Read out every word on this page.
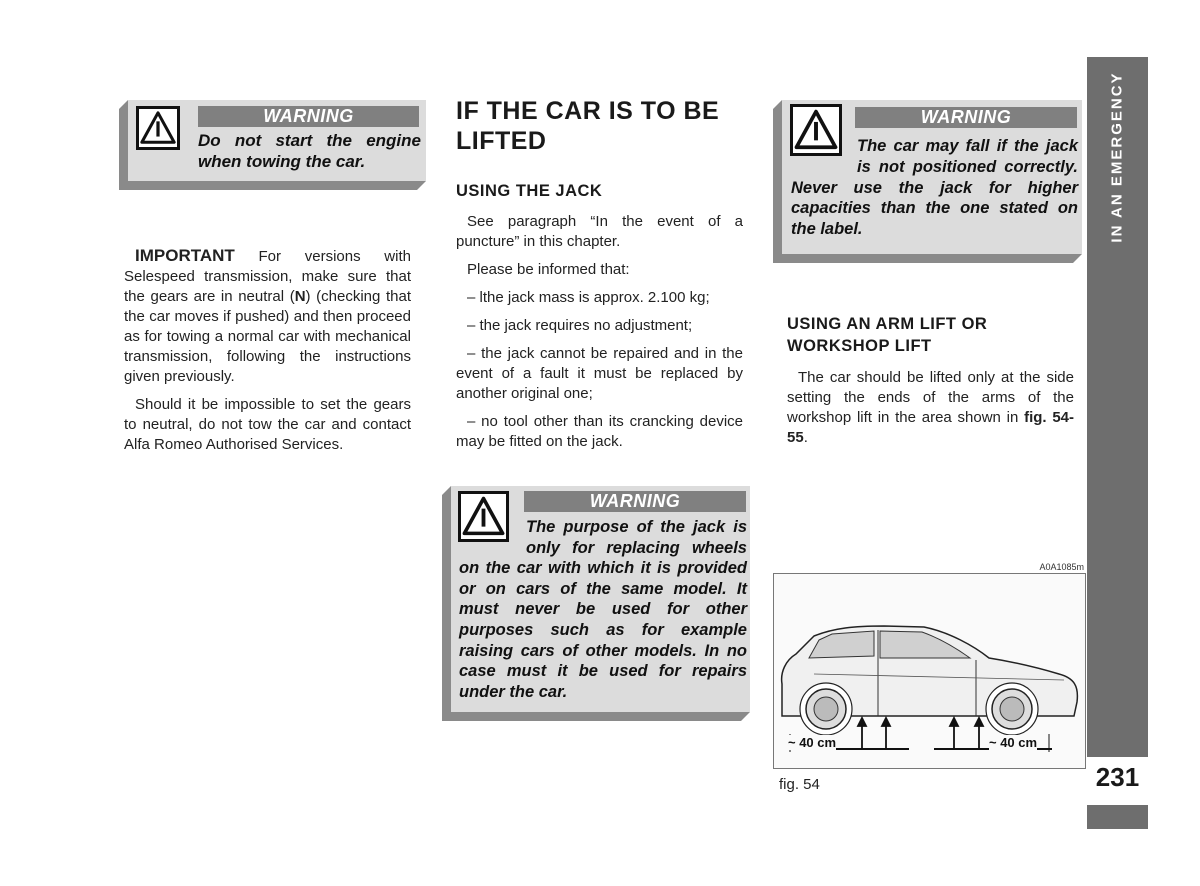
WARNING
Do not start the engine when towing the car.

IMPORTANT For versions with Selespeed transmission, make sure that the gears are in neutral (N) (checking that the car moves if pushed) and then proceed as for towing a normal car with mechanical transmission, following the instructions given previously.

Should it be impossible to set the gears to neutral, do not tow the car and contact Alfa Romeo Authorised Services.

IF THE CAR IS TO BE LIFTED
USING THE JACK

See paragraph “In the event of a puncture” in this chapter.

Please be informed that:

– lthe jack mass is approx. 2.100 kg;

– the jack requires no adjustment;

– the jack cannot be repaired and in the event of a fault it must be replaced by another original one;

– no tool other than its crancking device may be fitted on the jack.

WARNING
The purpose of the jack is only for replacing wheels on the car with which it is provided or on cars of the same model. It must never be used for other purposes such as for example raising cars of other models. In no case must it be used for repairs under the car.
WARNING
The car may fall if the jack is not positioned correctly. Never use the jack for higher capacities than the one stated on the label.
USING AN ARM LIFT OR WORKSHOP LIFT

The car should be lifted only at the side setting the ends of the arms of the workshop lift in the area shown in fig. 54-55.

A0A1085m
~ 40 cm	~ 40 cm
fig. 54
IN AN EMERGENCY
231
